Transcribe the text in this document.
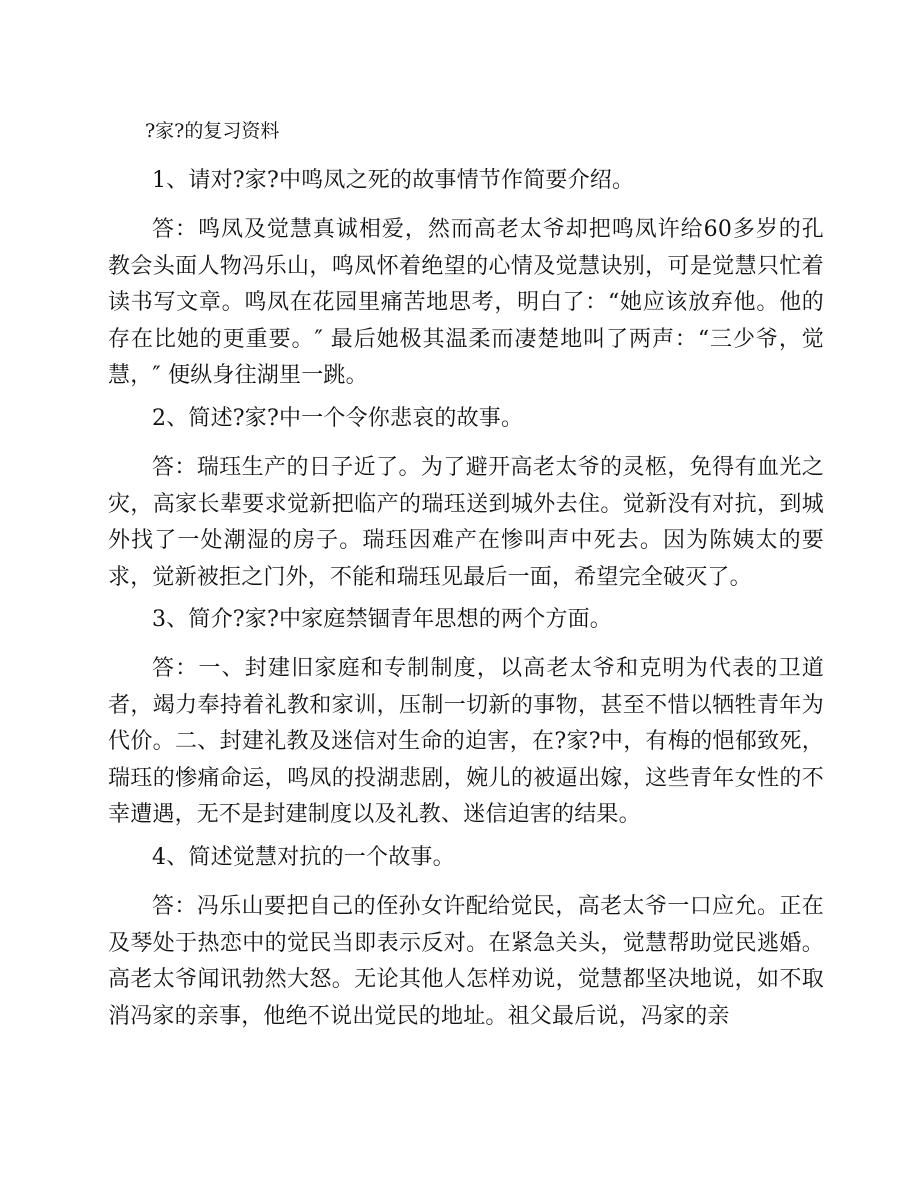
?家?的复习资料

1、请对?家?中鸣凤之死的故事情节作简要介绍。

答：鸣凤及觉慧真诚相爱，然而高老太爷却把鸣凤许给60多岁的孔教会头面人物冯乐山，鸣凤怀着绝望的心情及觉慧诀别，可是觉慧只忙着读书写文章。鸣凤在花园里痛苦地思考，明白了：“她应该放弃他。他的存在比她的更重要。″ 最后她极其温柔而凄楚地叫了两声：“三少爷，觉慧，″ 便纵身往湖里一跳。

2、简述?家?中一个令你悲哀的故事。

答：瑞珏生产的日子近了。为了避开高老太爷的灵柩，免得有血光之灾，高家长辈要求觉新把临产的瑞珏送到城外去住。觉新没有对抗，到城外找了一处潮湿的房子。瑞珏因难产在惨叫声中死去。因为陈姨太的要求，觉新被拒之门外，不能和瑞珏见最后一面，希望完全破灭了。

3、简介?家?中家庭禁锢青年思想的两个方面。

答：一、封建旧家庭和专制制度，以高老太爷和克明为代表的卫道者，竭力奉持着礼教和家训，压制一切新的事物，甚至不惜以牺牲青年为代价。二、封建礼教及迷信对生命的迫害，在?家?中，有梅的悒郁致死，瑞珏的惨痛命运，鸣凤的投湖悲剧，婉儿的被逼出嫁，这些青年女性的不幸遭遇，无不是封建制度以及礼教、迷信迫害的结果。

4、简述觉慧对抗的一个故事。

答：冯乐山要把自己的侄孙女许配给觉民，高老太爷一口应允。正在及琴处于热恋中的觉民当即表示反对。在紧急关头，觉慧帮助觉民逃婚。高老太爷闻讯勃然大怒。无论其他人怎样劝说，觉慧都坚决地说，如不取消冯家的亲事，他绝不说出觉民的地址。祖父最后说，冯家的亲
